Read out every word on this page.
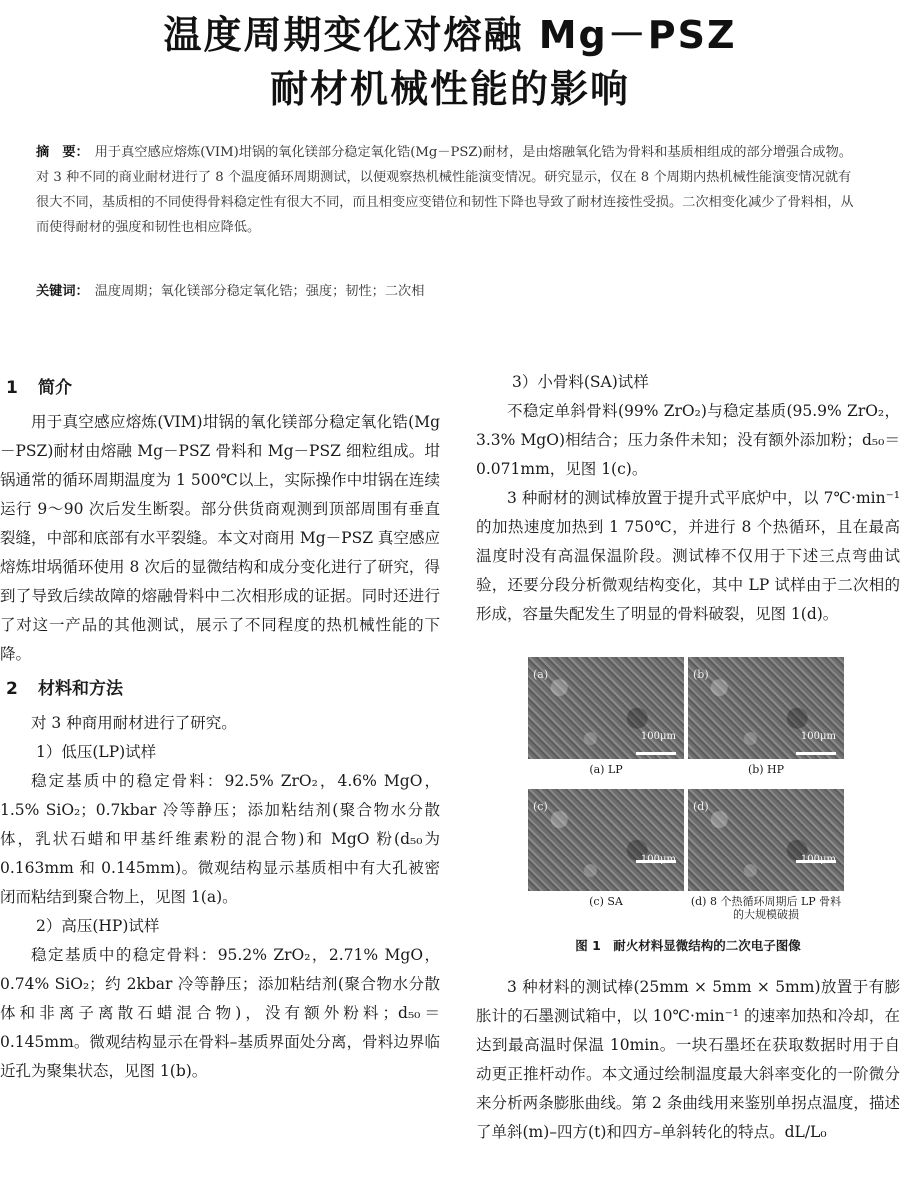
温度周期变化对熔融 Mg－PSZ
耐材机械性能的影响
摘　要： 用于真空感应熔炼(VIM)坩锅的氧化镁部分稳定氧化锆(Mg－PSZ)耐材，是由熔融氧化锆为骨料和基质相组成的部分增强合成物。对 3 种不同的商业耐材进行了 8 个温度循环周期测试，以便观察热机械性能演变情况。研究显示，仅在 8 个周期内热机械性能演变情况就有很大不同，基质相的不同使得骨料稳定性有很大不同，而且相变应变错位和韧性下降也导致了耐材连接性受损。二次相变化减少了骨料相，从而使得耐材的强度和韧性也相应降低。
关键词： 温度周期；氧化镁部分稳定氧化锆；强度；韧性；二次相
1 简介

用于真空感应熔炼(VIM)坩锅的氧化镁部分稳定氧化锆(Mg－PSZ)耐材由熔融 Mg－PSZ 骨料和 Mg－PSZ 细粒组成。坩锅通常的循环周期温度为 1 500℃以上，实际操作中坩锅在连续运行 9～90 次后发生断裂。部分供货商观测到顶部周围有垂直裂缝，中部和底部有水平裂缝。本文对商用 Mg－PSZ 真空感应熔炼坩埚循环使用 8 次后的显微结构和成分变化进行了研究，得到了导致后续故障的熔融骨料中二次相形成的证据。同时还进行了对这一产品的其他测试，展示了不同程度的热机械性能的下降。

2 材料和方法

对 3 种商用耐材进行了研究。

1）低压(LP)试样

稳定基质中的稳定骨料：92.5% ZrO₂，4.6% MgO，1.5% SiO₂；0.7kbar 冷等静压；添加粘结剂(聚合物水分散体，乳状石蜡和甲基纤维素粉的混合物)和 MgO 粉(d₅₀为 0.163mm 和 0.145mm)。微观结构显示基质相中有大孔被密闭而粘结到聚合物上，见图 1(a)。

2）高压(HP)试样

稳定基质中的稳定骨料：95.2% ZrO₂，2.71% MgO，0.74% SiO₂；约 2kbar 冷等静压；添加粘结剂(聚合物水分散体和非离子离散石蜡混合物)，没有额外粉料；d₅₀＝0.145mm。微观结构显示在骨料–基质界面处分离，骨料边界临近孔为聚集状态，见图 1(b)。

3）小骨料(SA)试样

不稳定单斜骨料(99% ZrO₂)与稳定基质(95.9% ZrO₂，3.3% MgO)相结合；压力条件未知；没有额外添加粉；d₅₀＝0.071mm，见图 1(c)。

3 种耐材的测试棒放置于提升式平底炉中，以 7℃·min⁻¹ 的加热速度加热到 1 750℃，并进行 8 个热循环，且在最高温度时没有高温保温阶段。测试棒不仅用于下述三点弯曲试验，还要分段分析微观结构变化，其中 LP 试样由于二次相的形成，容量失配发生了明显的骨料破裂，见图 1(d)。

(a)
100μm
(b)
100μm
(a) LP	(b) HP
(c)	(d)
(c) SA	(d) 8 个热循环周期后 LP 骨料的大规模破损
图 1　耐火材料显微结构的二次电子图像

3 种材料的测试棒(25mm × 5mm × 5mm)放置于有膨胀计的石墨测试箱中，以 10℃·min⁻¹ 的速率加热和冷却，在达到最高温时保温 10min。一块石墨坯在获取数据时用于自动更正推杆动作。本文通过绘制温度最大斜率变化的一阶微分来分析两条膨胀曲线。第 2 条曲线用来鉴别单拐点温度，描述了单斜(m)–四方(t)和四方–单斜转化的特点。dL/L₀
